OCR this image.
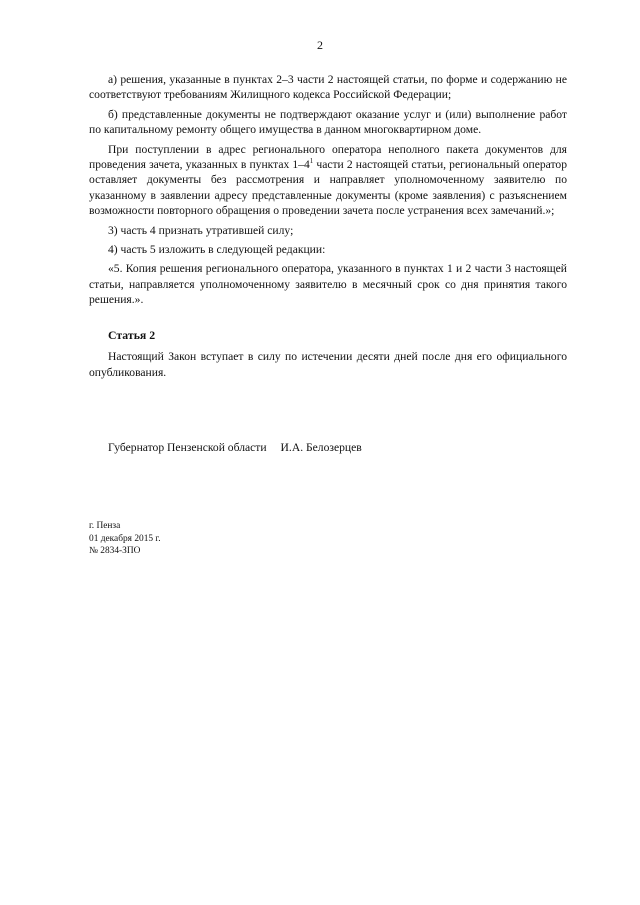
2

а) решения, указанные в пунктах 2–3 части 2 настоящей статьи, по форме и содержанию не соответствуют требованиям Жилищного кодекса Российской Федерации;

б) представленные документы не подтверждают оказание услуг и (или) выполнение работ по капитальному ремонту общего имущества в данном многоквартирном доме.

При поступлении в адрес регионального оператора неполного пакета документов для проведения зачета, указанных в пунктах $1-4^1$ части 2 настоящей статьи, региональный оператор оставляет документы без рассмотрения и направляет уполномоченному заявителю по указанному в заявлении адресу представленные документы (кроме заявления) с разъяснением возможности повторного обращения о проведении зачета после устранения всех замечаний.»;

3) часть 4 признать утратившей силу;

4) часть 5 изложить в следующей редакции:

«5. Копия решения регионального оператора, указанного в пунктах 1 и 2 части 3 настоящей статьи, направляется уполномоченному заявителю в месячный срок со дня принятия такого решения.».

Статья 2

Настоящий Закон вступает в силу по истечении десяти дней после дня его официального опубликования.

Губернатор Пензенской области И.А. Белозерцев
г. Пенза
01 декабря 2015 г.
№ 2834-ЗПО
